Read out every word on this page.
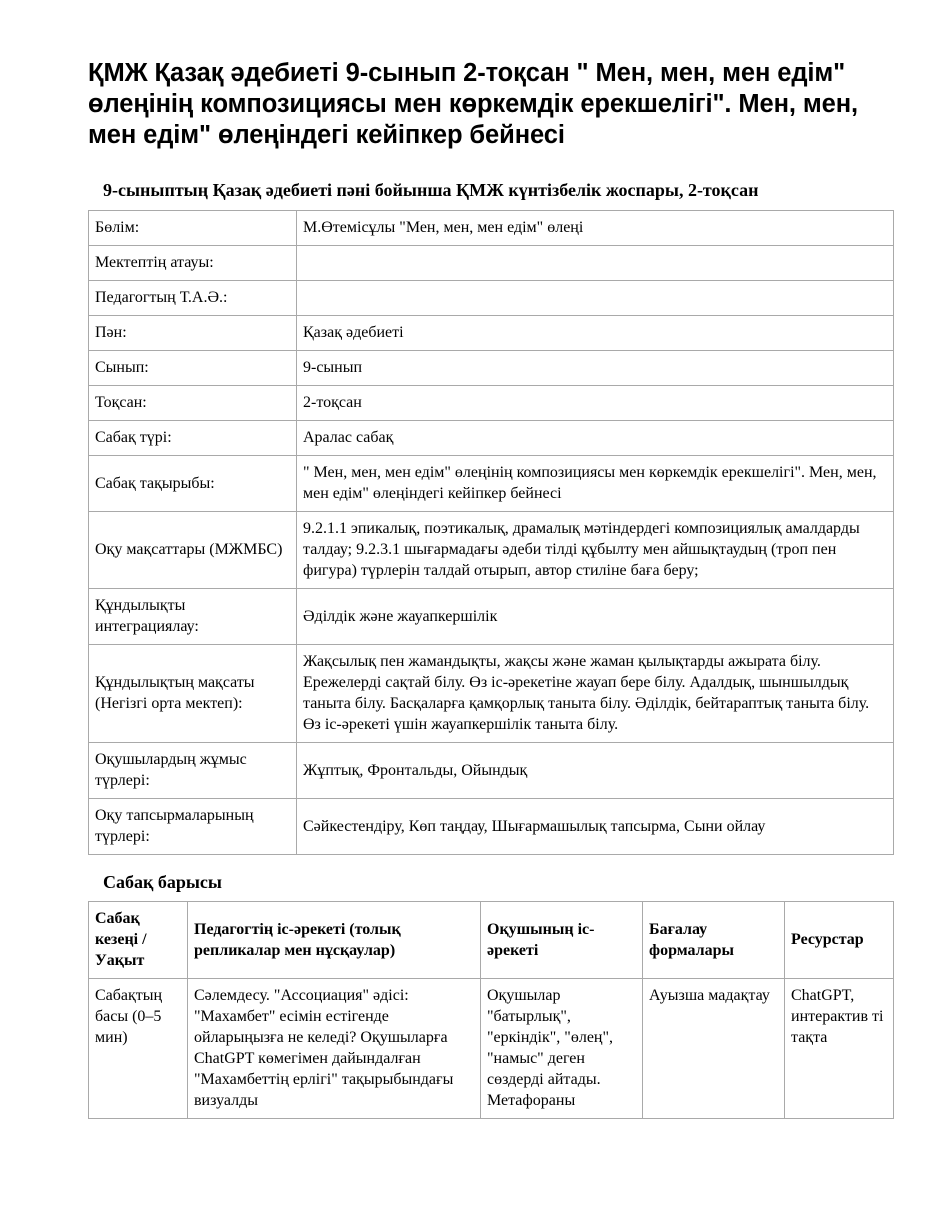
ҚМЖ Қазақ әдебиеті 9-сынып 2-тоқсан " Мен, мен, мен едім" өлеңінің композициясы мен көркемдік ерекшелігі". Мен, мен, мен едім" өлеңіндегі кейіпкер бейнесі
9-сыныптың Қазақ әдебиеті пәні бойынша ҚМЖ күнтізбелік жоспары, 2-тоқсан
Бөлім:	М.Өтемісұлы "Мен, мен, мен едім" өлеңі
Мектептің атауы:	
Педагогтың Т.А.Ә.:	
Пән:	Қазақ әдебиеті
Сынып:	9-сынып
Тоқсан:	2-тоқсан
Сабақ түрі:	Аралас сабақ
Сабақ тақырыбы:	" Мен, мен, мен едім" өлеңінің композициясы мен көркемдік ерекшелігі". Мен, мен, мен едім" өлеңіндегі кейіпкер бейнесі
Оқу мақсаттары (МЖМБС)	9.2.1.1 эпикалық, поэтикалық, драмалық мәтіндердегі композициялық амалдарды талдау; 9.2.3.1 шығармадағы әдеби тілді құбылту мен айшықтаудың (троп пен фигура) түрлерін талдай отырып, автор стиліне баға беру;
Құндылықты интеграциялау:	Әділдік және жауапкершілік
Құндылықтың мақсаты (Негізгі орта мектеп):	Жақсылық пен жамандықты, жақсы және жаман қылықтарды ажырата білу. Ережелерді сақтай білу. Өз іс-әрекетіне жауап бере білу. Адалдық, шыншылдық таныта білу. Басқаларға қамқорлық таныта білу. Әділдік, бейтараптық таныта білу. Өз іс-әрекеті үшін жауапкершілік таныта білу.
Оқушылардың жұмыс түрлері:	Жұптық, Фронтальды, Ойындық
Оқу тапсырмаларының түрлері:	Сәйкестендіру, Көп таңдау, Шығармашылық тапсырма, Сыни ойлау
Сабақ барысы
Сабақ кезеңі / Уақыт	Педагогтің іс-әрекеті (толық репликалар мен нұсқаулар)	Оқушының іс-әрекеті	Бағалау формалары	Ресурстар
Сабақтың басы (0–5 мин)	Сәлемдесу. "Ассоциация" әдісі: "Махамбет" есімін естігенде ойларыңызға не келеді? Оқушыларға ChatGPT көмегімен дайындалған "Махамбеттің ерлігі" тақырыбындағы визуалды	Оқушылар "батырлық", "еркіндік", "өлең", "намыс" деген сөздерді айтады. Метафораны	Ауызша мадақтау	ChatGPT, интерактив ті тақта
